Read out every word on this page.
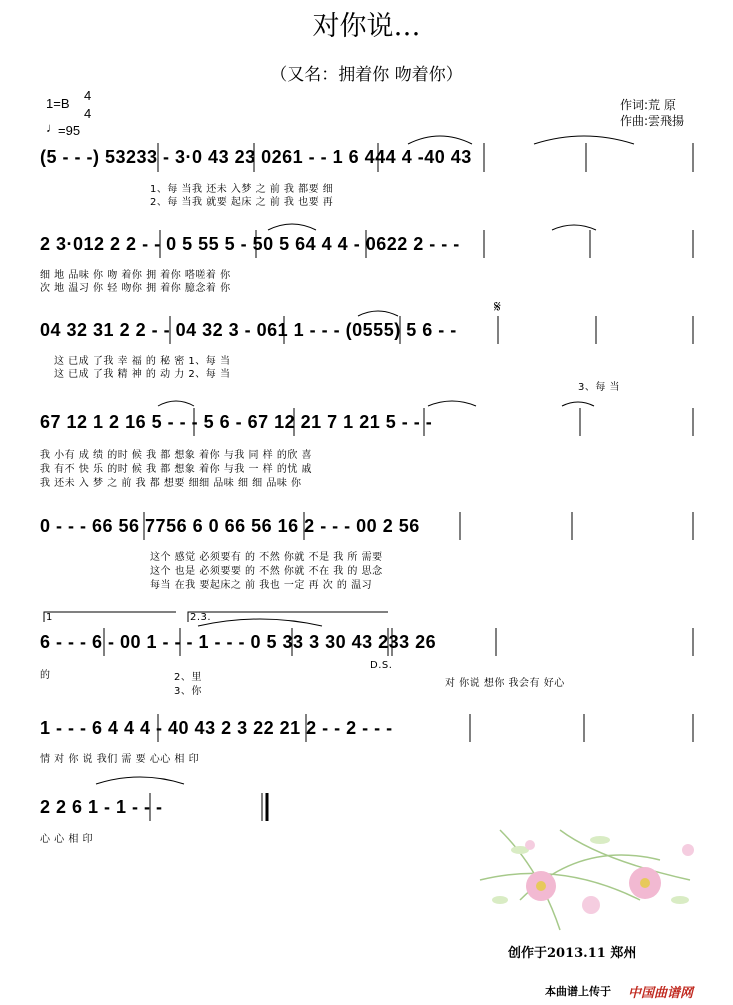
对你说…
（又名：拥着你 吻着你）
1=B
4
4
♩ =95
作词:荒 原
作曲:雲飛揚
(5 - - -) 53233 - 3·0 43 23 0261 - - 1 6 444 4 -40 43
1、每 当我 还未 入梦 之 前 我 都要 细
2、每 当我 就要 起床 之 前 我 也要 再
2 3·012 2 2 - - 0 5 55 5 - 50 5 64 4 4 - 0622 2 - - -
细 地 品味 你 吻 着你 拥 着你 嗒嗟着 你
次 地 温习 你 轻 吻你 拥 着你 臆念着 你
04 32 31 2 2 - - 04 32 3 - 061 1 - - - (0555) 5 6 - -
这 已成 了我 幸 福 的 秘 密 1、每 当
这 已成 了我 精 神 的 动 力 2、每 当
3、每 当
67 12 1 2 16 5 - - - 5 6 - 67 12 21 7 1 21 5 - - -
我 小有 成 绩 的时 候 我 都 想象 着你 与我 同 样 的欣 喜
我 有不 快 乐 的时 候 我 都 想象 着你 与我 一 样 的忧 戚
我 还未 入 梦 之 前 我 都 想要 细细 品味 细 细 品味 你
0 - - - 66 56 7756 6 0 66 56 16 2 - - - 00 2 56
这个 感觉 必须要有 的 不然 你就 不是 我 所 需要
这个 也是 必须要要 的 不然 你就 不在 我 的 思念
每当 在我 要起床之 前 我也 一定 再 次 的 温习
1	2.3.
6 - - - 6 - 00 1 - - - 1 - - - 0 5 33 3 30 43 233 26
的	2、里
3、你
D.S.
对 你说 想你 我会有 好心
1 - - - 6 4 4 4 - 40 43 2 3 22 21 2 - - 2 - - -
情 对 你 说 我们 需 要 心心 相 印
2 2 6 1 - 1 - - -
心 心 相 印
𝄋
创作于2013.11 郑州
本曲谱上传于 中国曲谱网
